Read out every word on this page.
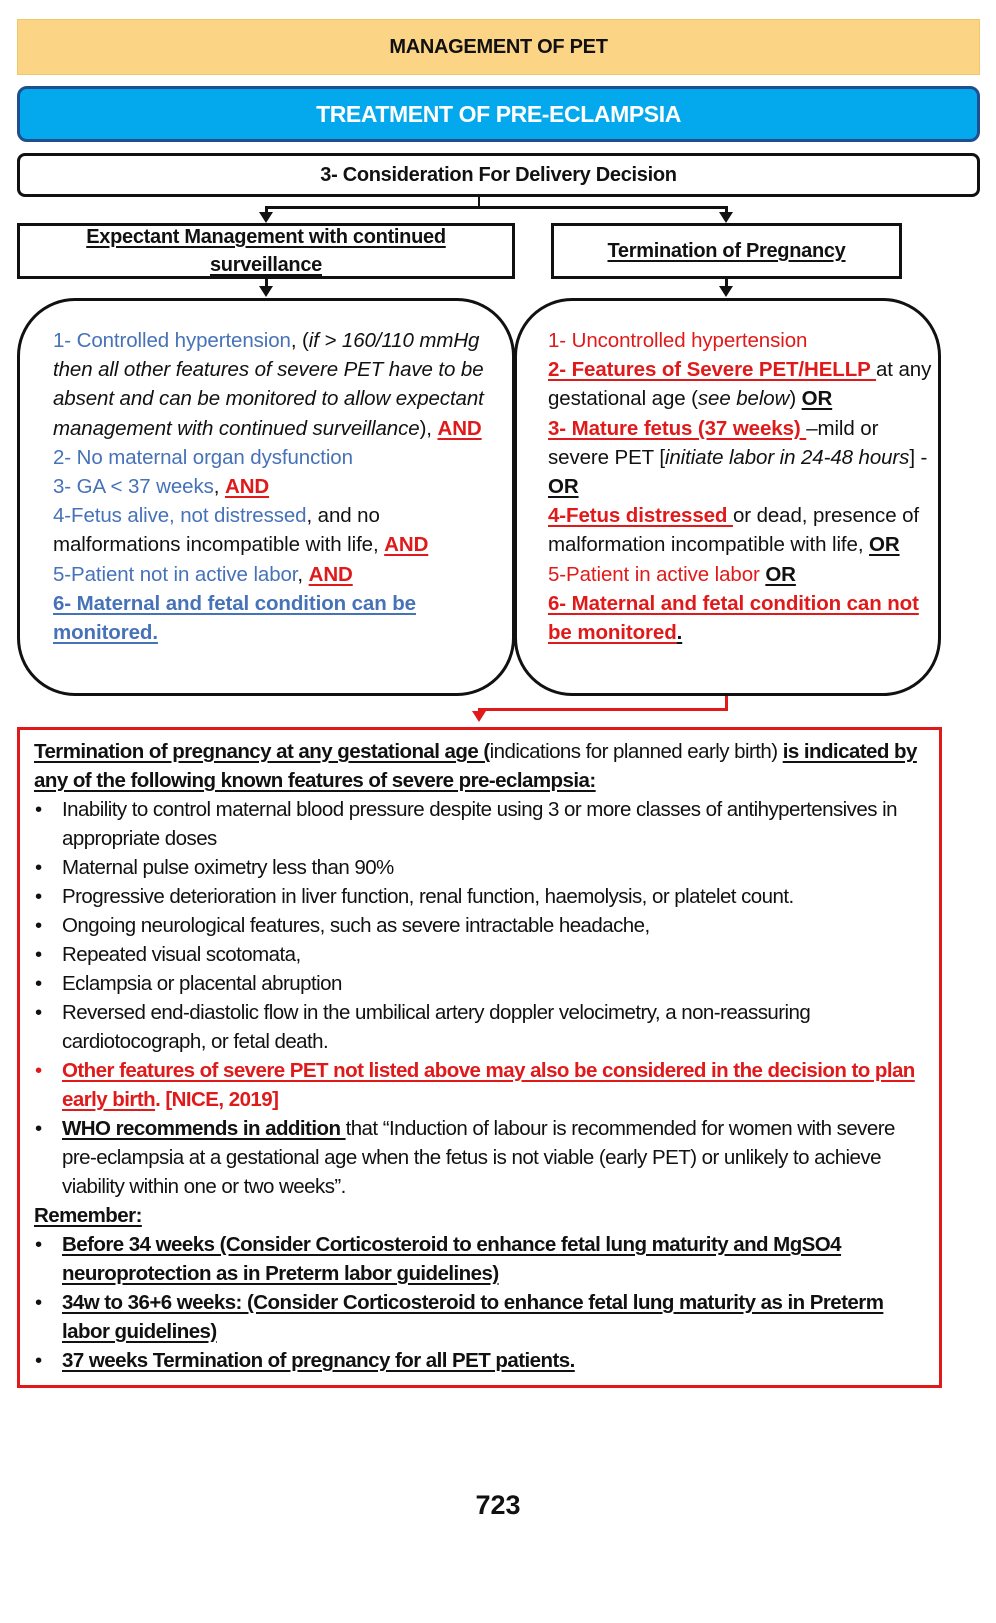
MANAGEMENT OF PET
TREATMENT OF PRE-ECLAMPSIA
3- Consideration For Delivery Decision
Expectant Management with continued
surveillance
Termination of Pregnancy
1- Controlled hypertension, (if > 160/110 mmHg then all other features of severe PET have to be absent and can be monitored to allow expectant management with continued surveillance), AND
2- No maternal organ dysfunction
3- GA < 37 weeks, AND
4-Fetus alive, not distressed, and no malformations incompatible with life, AND
5-Patient not in active labor, AND
6- Maternal and fetal condition can be monitored.
1- Uncontrolled hypertension
2- Features of Severe PET/HELLP at any gestational age (see below) OR
3- Mature fetus (37 weeks) –mild or severe PET [initiate labor in 24-48 hours] - OR
4-Fetus distressed or dead, presence of malformation incompatible with life, OR
5-Patient in active labor OR
6- Maternal and fetal condition can not be monitored.
Termination of pregnancy at any gestational age (indications for planned early birth) is indicated by any of the following known features of severe pre-eclampsia:
• Inability to control maternal blood pressure despite using 3 or more classes of antihypertensives in appropriate doses
• Maternal pulse oximetry less than 90%
• Progressive deterioration in liver function, renal function, haemolysis, or platelet count.
• Ongoing neurological features, such as severe intractable headache,
• Repeated visual scotomata,
• Eclampsia or placental abruption
• Reversed end-diastolic flow in the umbilical artery doppler velocimetry, a non-reassuring cardiotocograph, or fetal death.
• Other features of severe PET not listed above may also be considered in the decision to plan early birth. [NICE, 2019]
• WHO recommends in addition that “Induction of labour is recommended for women with severe pre-eclampsia at a gestational age when the fetus is not viable (early PET) or unlikely to achieve viability within one or two weeks”.
Remember:
• Before 34 weeks (Consider Corticosteroid to enhance fetal lung maturity and MgSO4 neuroprotection as in Preterm labor guidelines)
• 34w to 36+6 weeks: (Consider Corticosteroid to enhance fetal lung maturity as in Preterm labor guidelines)
• 37 weeks Termination of pregnancy for all PET patients.
723
